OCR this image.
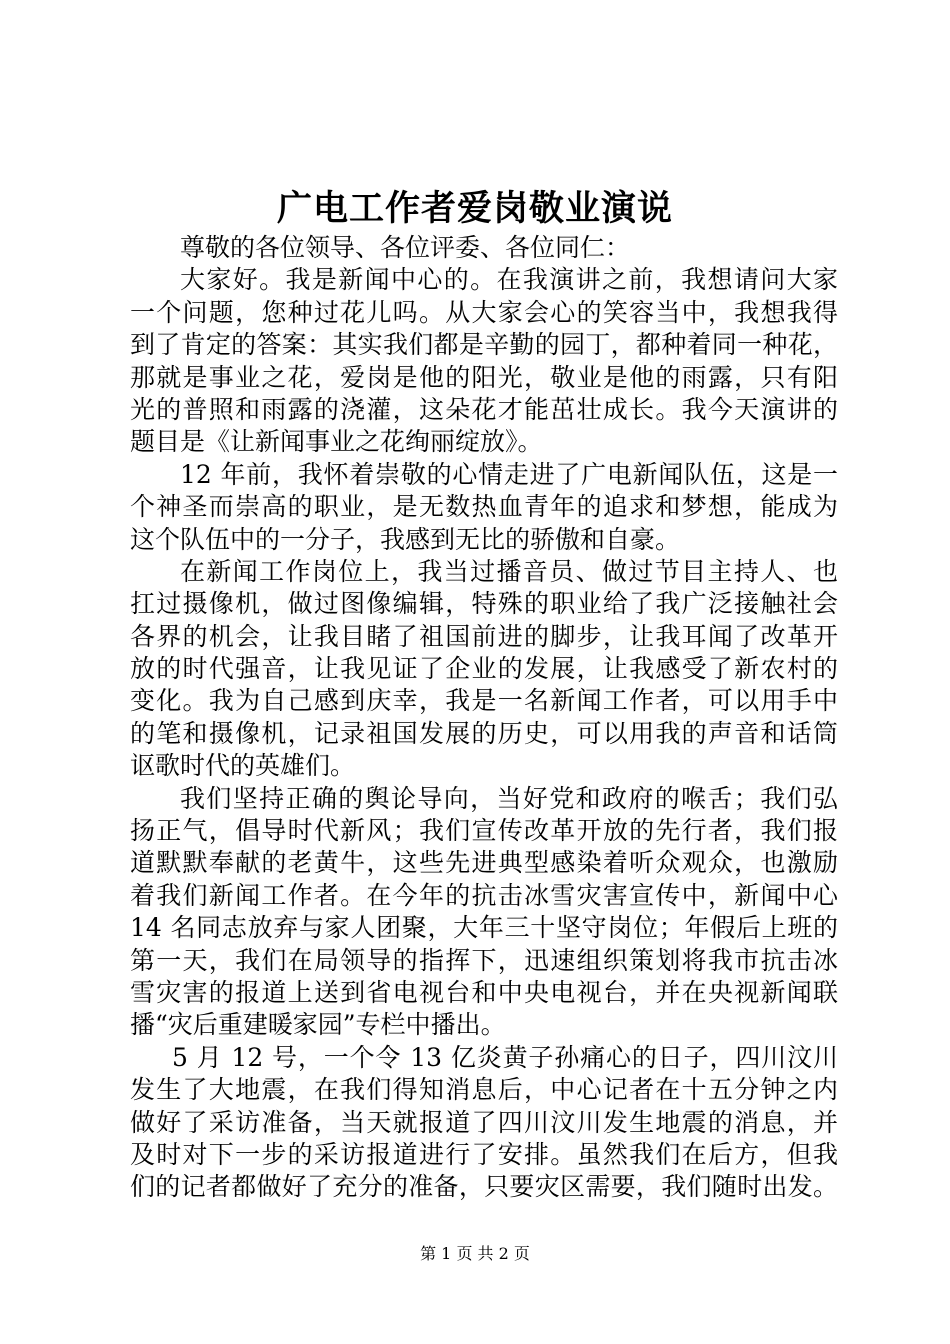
广电工作者爱岗敬业演说
尊敬的各位领导、各位评委、各位同仁：
大家好。我是新闻中心的。在我演讲之前，我想请问大家
一个问题，您种过花儿吗。从大家会心的笑容当中，我想我得
到了肯定的答案：其实我们都是辛勤的园丁，都种着同一种花，
那就是事业之花，爱岗是他的阳光，敬业是他的雨露，只有阳
光的普照和雨露的浇灌，这朵花才能茁壮成长。我今天演讲的
题目是《让新闻事业之花绚丽绽放》。
12 年前，我怀着崇敬的心情走进了广电新闻队伍，这是一
个神圣而崇高的职业，是无数热血青年的追求和梦想，能成为
这个队伍中的一分子，我感到无比的骄傲和自豪。
在新闻工作岗位上，我当过播音员、做过节目主持人、也
扛过摄像机，做过图像编辑，特殊的职业给了我广泛接触社会
各界的机会，让我目睹了祖国前进的脚步，让我耳闻了改革开
放的时代强音，让我见证了企业的发展，让我感受了新农村的
变化。我为自己感到庆幸，我是一名新闻工作者，可以用手中
的笔和摄像机，记录祖国发展的历史，可以用我的声音和话筒
讴歌时代的英雄们。
我们坚持正确的舆论导向，当好党和政府的喉舌；我们弘
扬正气，倡导时代新风；我们宣传改革开放的先行者，我们报
道默默奉献的老黄牛，这些先进典型感染着听众观众，也激励
着我们新闻工作者。在今年的抗击冰雪灾害宣传中，新闻中心
14 名同志放弃与家人团聚，大年三十坚守岗位；年假后上班的
第一天，我们在局领导的指挥下，迅速组织策划将我市抗击冰
雪灾害的报道上送到省电视台和中央电视台，并在央视新闻联
播“灾后重建暖家园”专栏中播出。
5 月 12 号，一个令 13 亿炎黄子孙痛心的日子，四川汶川
发生了大地震，在我们得知消息后，中心记者在十五分钟之内
做好了采访准备，当天就报道了四川汶川发生地震的消息，并
及时对下一步的采访报道进行了安排。虽然我们在后方，但我
们的记者都做好了充分的准备，只要灾区需要，我们随时出发。
第 1 页 共 2 页
